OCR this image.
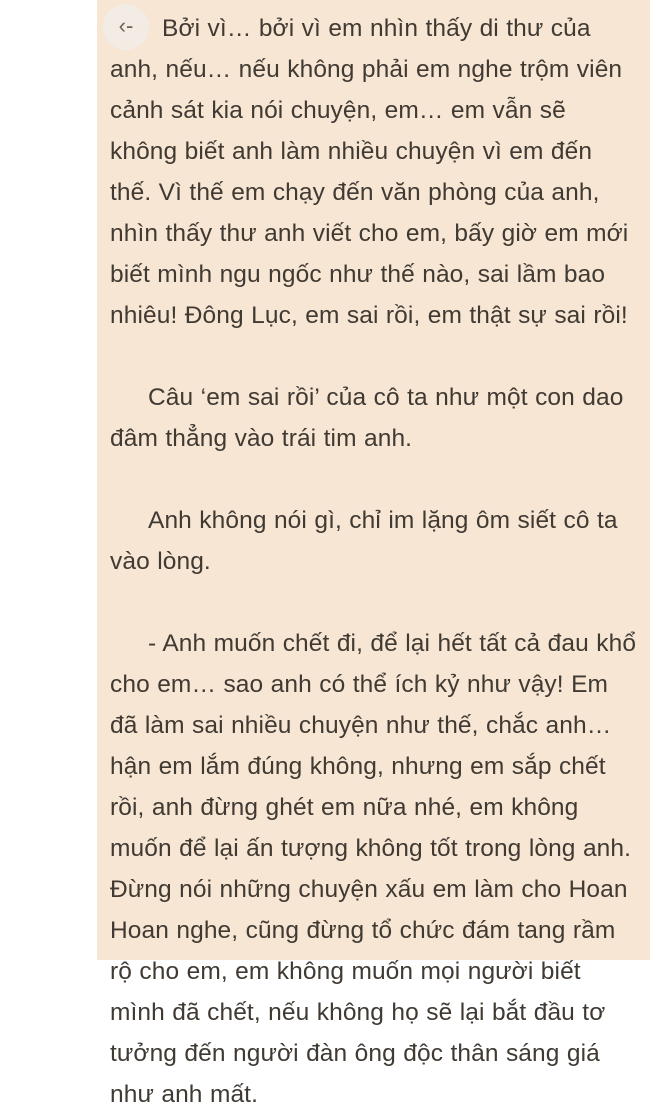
Bởi vì… bởi vì em nhìn thấy di thư của anh, nếu… nếu không phải em nghe trộm viên cảnh sát kia nói chuyện, em… em vẫn sẽ không biết anh làm nhiều chuyện vì em đến thế. Vì thế em chạy đến văn phòng của anh, nhìn thấy thư anh viết cho em, bấy giờ em mới biết mình ngu ngốc như thế nào, sai lầm bao nhiêu! Đông Lục, em sai rồi, em thật sự sai rồi!

Câu ‘em sai rồi’ của cô ta như một con dao đâm thẳng vào trái tim anh.

Anh không nói gì, chỉ im lặng ôm siết cô ta vào lòng.

- Anh muốn chết đi, để lại hết tất cả đau khổ cho em… sao anh có thể ích kỷ như vậy! Em đã làm sai nhiều chuyện như thế, chắc anh… hận em lắm đúng không, nhưng em sắp chết rồi, anh đừng ghét em nữa nhé, em không muốn để lại ấn tượng không tốt trong lòng anh. Đừng nói những chuyện xấu em làm cho Hoan Hoan nghe, cũng đừng tổ chức đám tang rầm rộ cho em, em không muốn mọi người biết mình đã chết, nếu không họ sẽ lại bắt đầu tơ tưởng đến người đàn ông độc thân sáng giá như anh mất.

‹-
